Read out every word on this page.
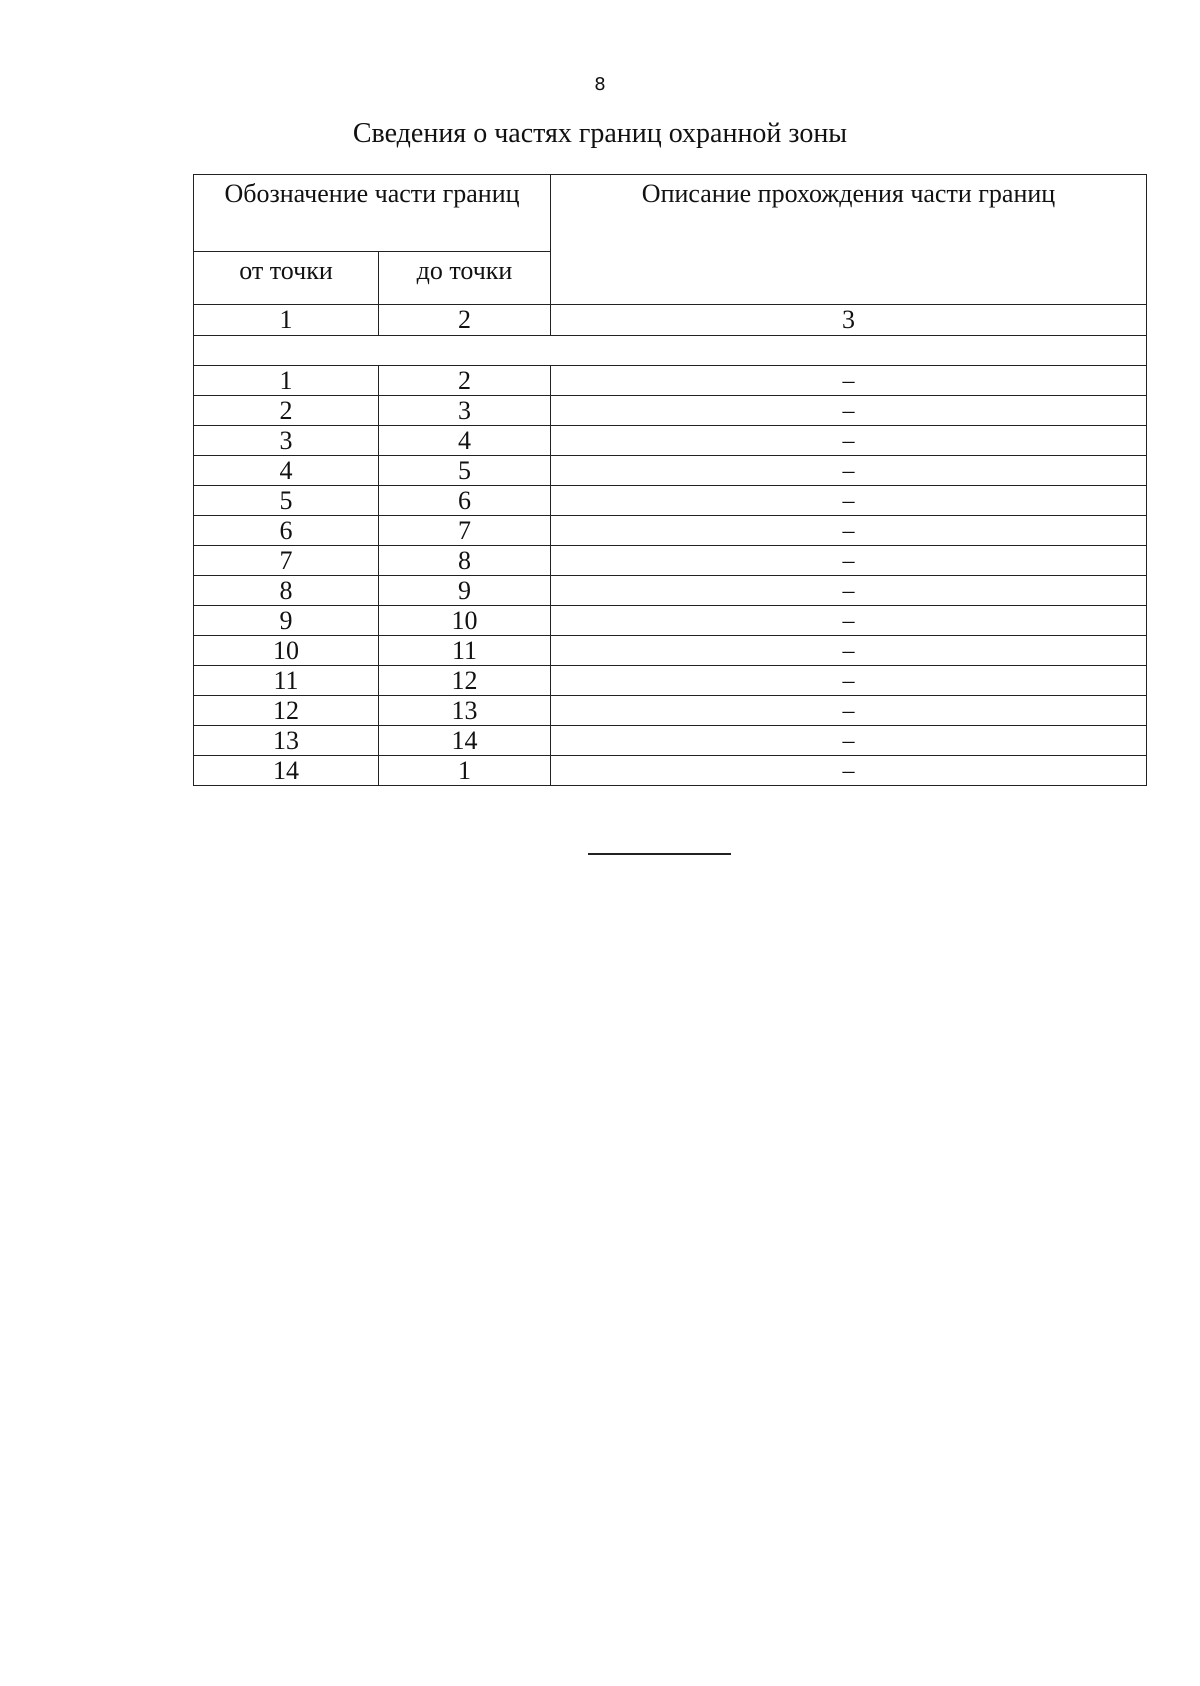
8
Сведения о частях границ охранной зоны
Обозначение части границ		Описание прохождения части границ
от точки	до точки	
1	2	3

1	2	–
2	3	–
3	4	–
4	5	–
5	6	–
6	7	–
7	8	–
8	9	–
9	10	–
10	11	–
11	12	–
12	13	–
13	14	–
14	1	–
